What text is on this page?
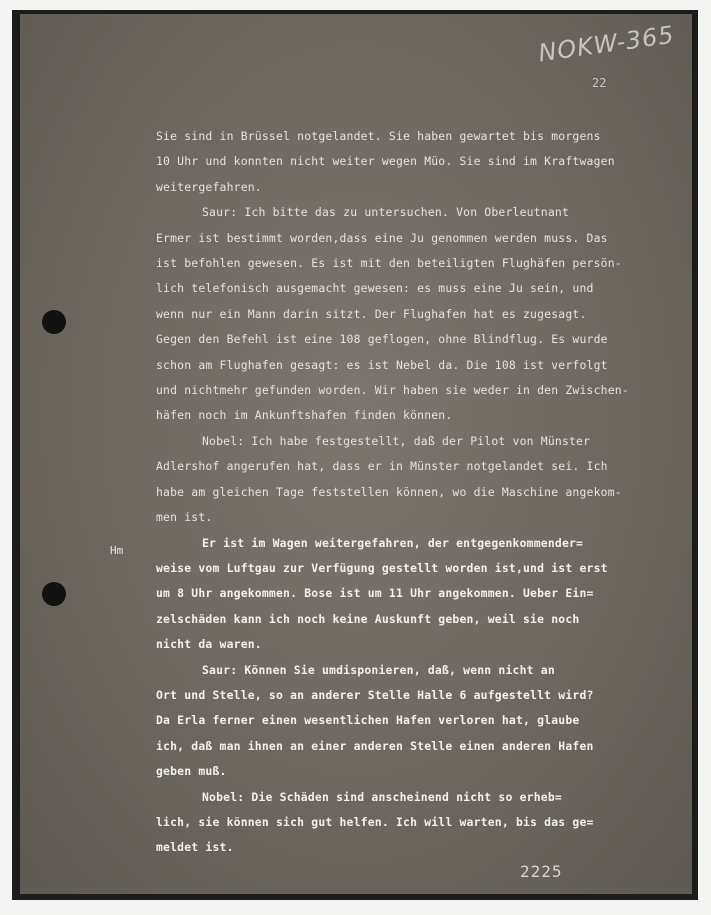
NOKW-365
22
Hm
Sie sind in Brüssel notgelandet. Sie haben gewartet bis morgens
10 Uhr und konnten nicht weiter wegen Müo. Sie sind im Kraftwagen
weitergefahren.
Saur: Ich bitte das zu untersuchen. Von Oberleutnant
Ermer ist bestimmt worden,dass eine Ju genommen werden muss. Das
ist befohlen gewesen. Es ist mit den beteiligten Flughäfen persön-
lich telefonisch ausgemacht gewesen: es muss eine Ju sein, und
wenn nur ein Mann darin sitzt. Der Flughafen hat es zugesagt.
Gegen den Befehl ist eine 108 geflogen, ohne Blindflug. Es wurde
schon am Flughafen gesagt: es ist Nebel da. Die 108 ist verfolgt
und nichtmehr gefunden worden. Wir haben sie weder in den Zwischen-
häfen noch im Ankunftshafen finden können.
Nobel: Ich habe festgestellt, daß der Pilot von Münster
Adlershof angerufen hat, dass er in Münster notgelandet sei. Ich
habe am gleichen Tage feststellen können, wo die Maschine angekom-
men ist.
Er ist im Wagen weitergefahren, der entgegenkommender=
weise vom Luftgau zur Verfügung gestellt worden ist,und ist erst
um 8 Uhr angekommen. Bose ist um 11 Uhr angekommen. Ueber Ein=
zelschäden kann ich noch keine Auskunft geben, weil sie noch
nicht da waren.
Saur: Können Sie umdisponieren, daß, wenn nicht an
Ort und Stelle, so an anderer Stelle Halle 6 aufgestellt wird?
Da Erla ferner einen wesentlichen Hafen verloren hat, glaube
ich, daß man ihnen an einer anderen Stelle einen anderen Hafen
geben muß.
Nobel: Die Schäden sind anscheinend nicht so erheb=
lich, sie können sich gut helfen. Ich will warten, bis das ge=
meldet ist.
2225
